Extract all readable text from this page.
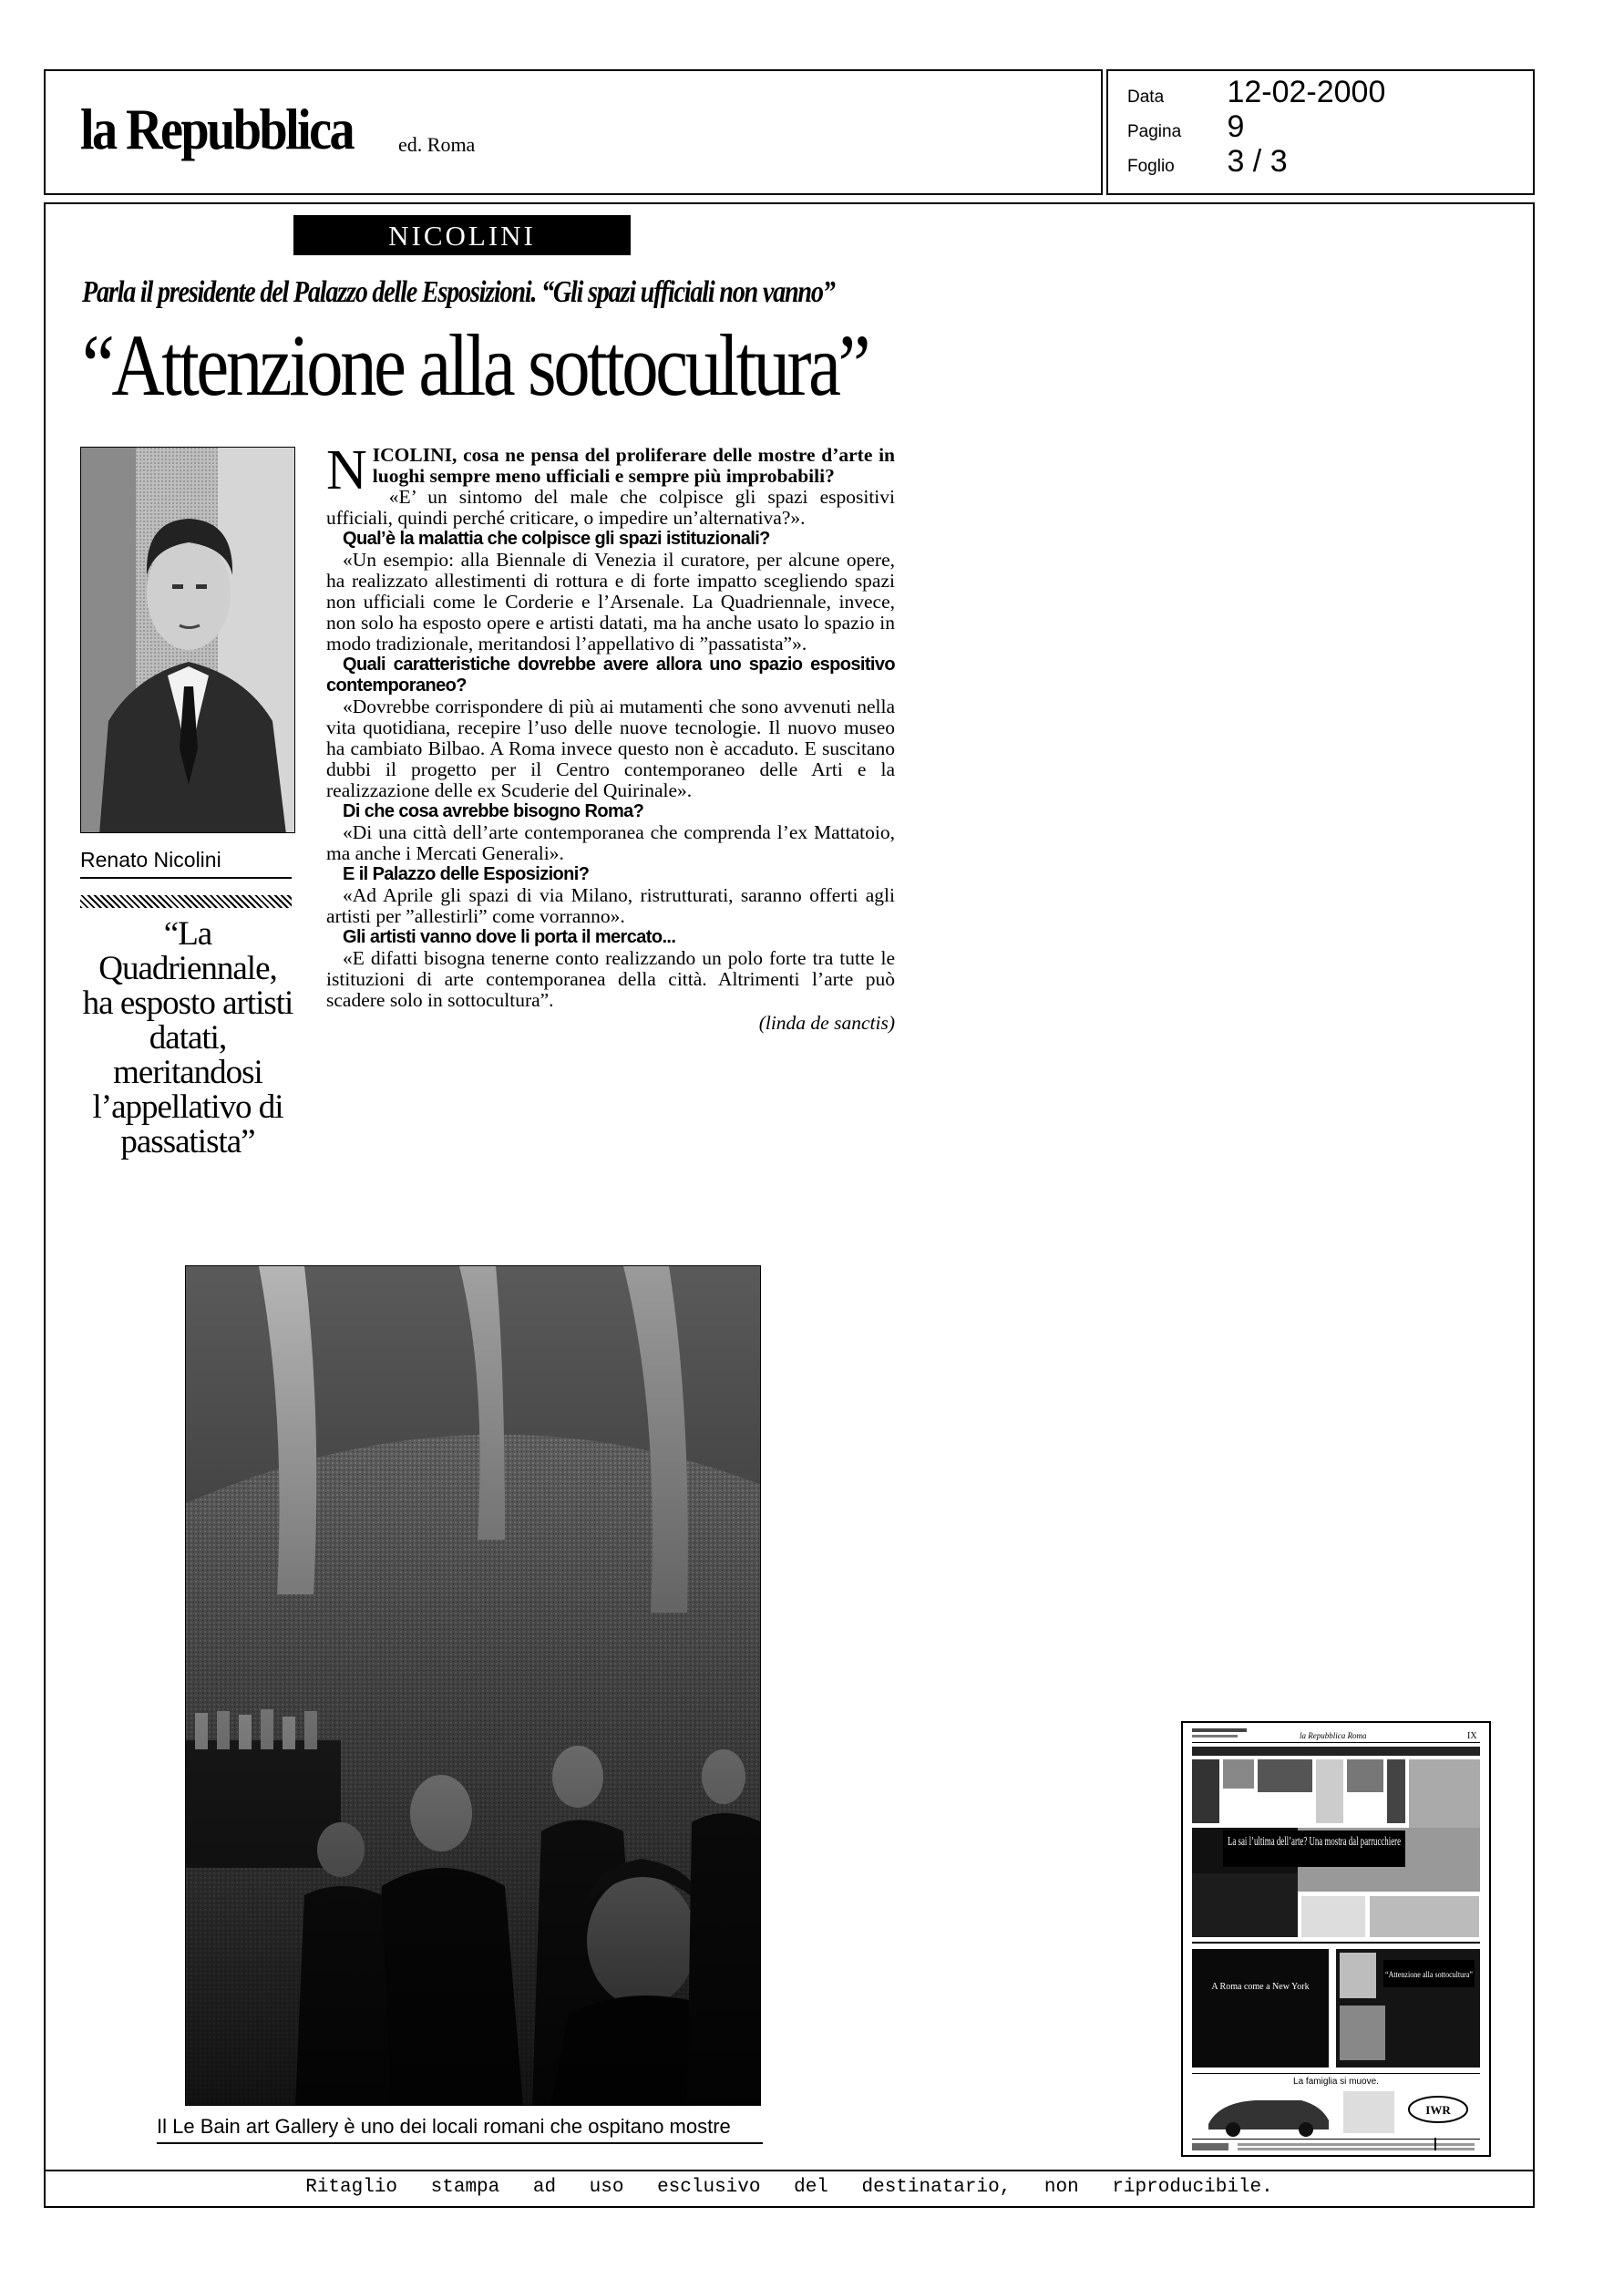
la Repubblica ed. Roma
Data 12-02-2000
Pagina 9
Foglio 3 / 3
NICOLINI
Parla il presidente del Palazzo delle Esposizioni. “Gli spazi ufficiali non vanno”
“Attenzione alla sottocultura”
Renato Nicolini
“La Quadriennale, ha esposto artisti datati, meritandosi l’appellativo di passatista”

NICOLINI, cosa ne pensa del proliferare delle mostre d’arte in luoghi sempre meno ufficiali e sempre più improbabili?

«E’ un sintomo del male che colpisce gli spazi espositivi ufficiali, quindi perché criticare, o impedire un’alternativa?».

Qual’è la malattia che colpisce gli spazi istituzionali?

«Un esempio: alla Biennale di Venezia il curatore, per alcune opere, ha realizzato allestimenti di rottura e di forte impatto scegliendo spazi non ufficiali come le Corderie e l’Arsenale. La Quadriennale, invece, non solo ha esposto opere e artisti datati, ma ha anche usato lo spazio in modo tradizionale, meritandosi l’appellativo di ”passatista”».

Quali caratteristiche dovrebbe avere allora uno spazio espositivo contemporaneo?

«Dovrebbe corrispondere di più ai mutamenti che sono avvenuti nella vita quotidiana, recepire l’uso delle nuove tecnologie. Il nuovo museo ha cambiato Bilbao. A Roma invece questo non è accaduto. E suscitano dubbi il progetto per il Centro contemporaneo delle Arti e la realizzazione delle ex Scuderie del Quirinale».

Di che cosa avrebbe bisogno Roma?

«Di una città dell’arte contemporanea che comprenda l’ex Mattatoio, ma anche i Mercati Generali».

E il Palazzo delle Esposizioni?

«Ad Aprile gli spazi di via Milano, ristrutturati, saranno offerti agli artisti per ”allestirli” come vorranno».

Gli artisti vanno dove li porta il mercato...

«E difatti bisogna tenerne conto realizzando un polo forte tra tutte le istituzioni di arte contemporanea della città. Altrimenti l’arte può scadere solo in sottocultura”.

(linda de sanctis)
Il Le Bain art Gallery è uno dei locali romani che ospitano mostre
la Repubblica Roma	IX
La sai l’ultima dell’arte? Una mostra dal parrucchiere
A Roma come a New York
“Attenzione alla sottocultura”
La famiglia si muove.
IWR
Ritaglio stampa ad uso esclusivo del destinatario, non riproducibile.
